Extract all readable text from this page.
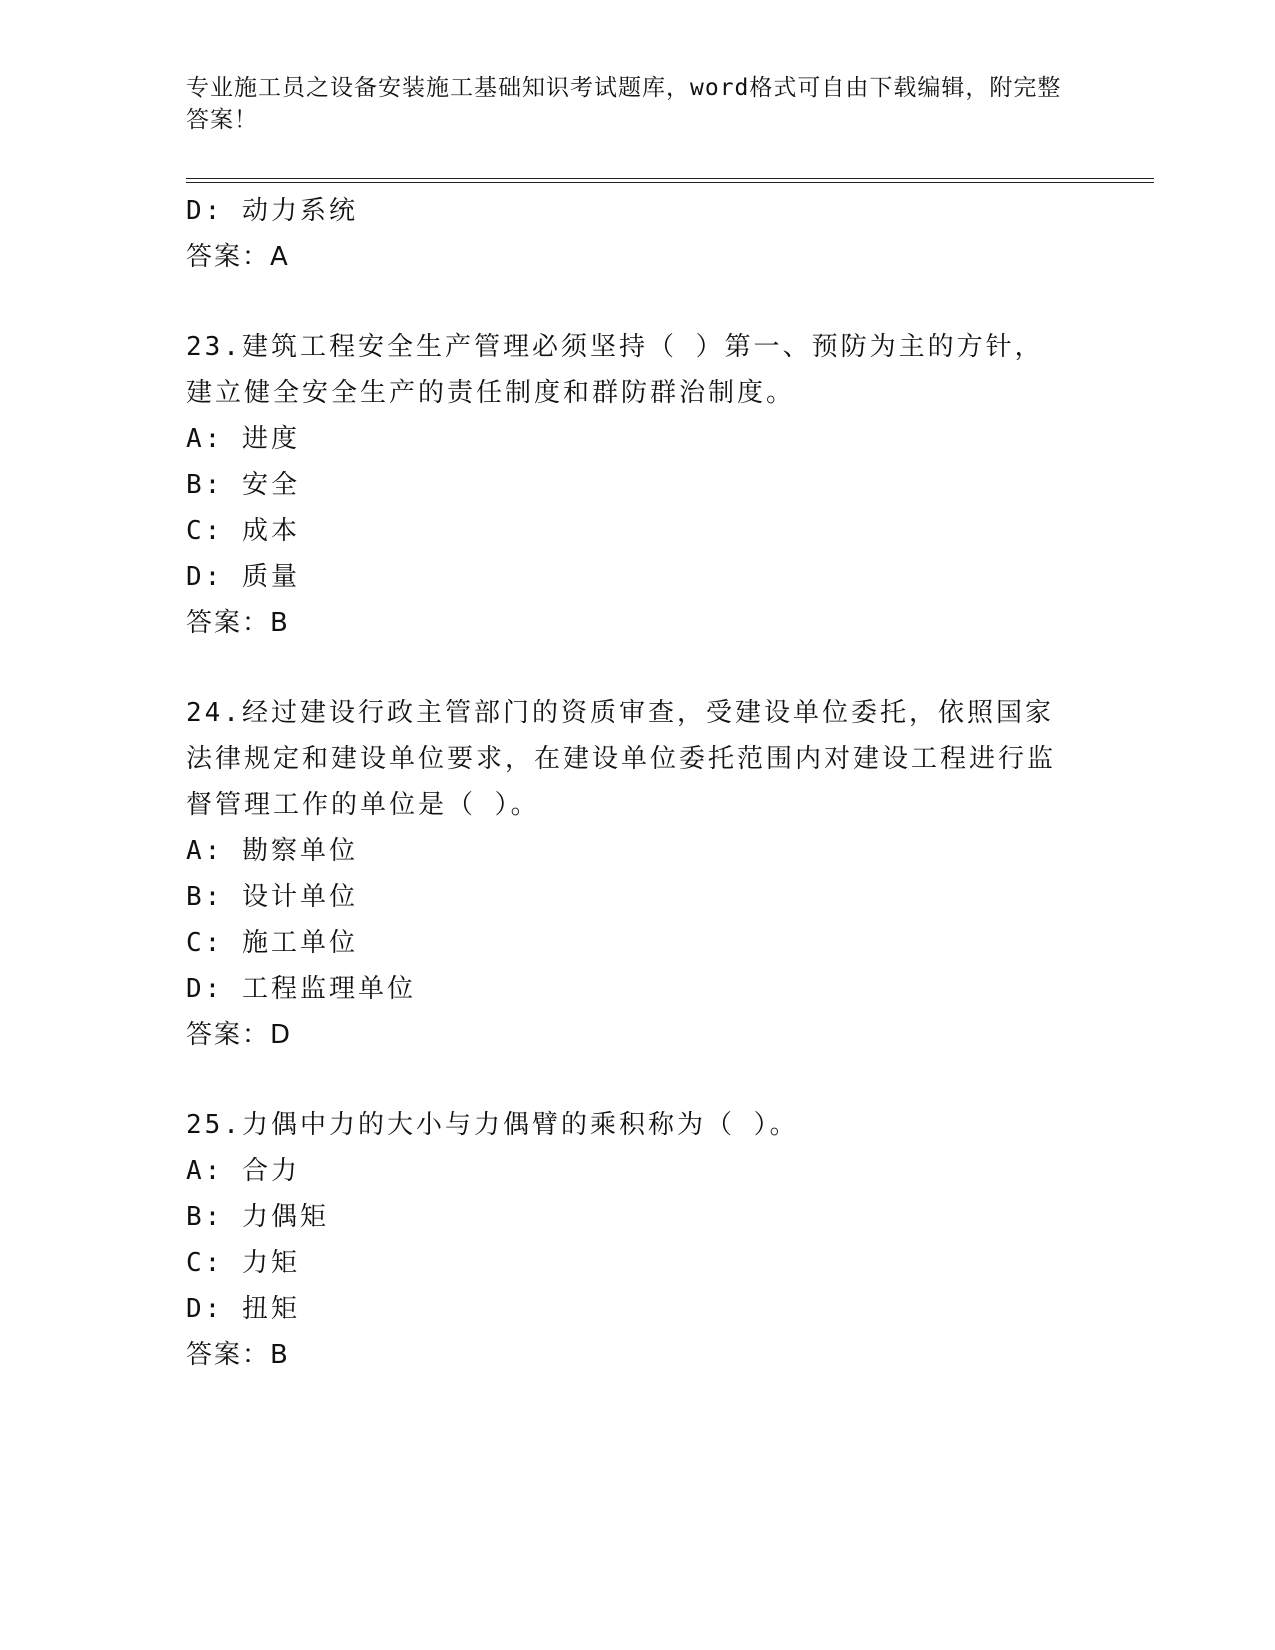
专业施工员之设备安装施工基础知识考试题库，word格式可自由下载编辑，附完整答案！
D: 动力系统
答案：A
23.建筑工程安全生产管理必须坚持（ ）第一、预防为主的方针，建立健全安全生产的责任制度和群防群治制度。
A: 进度
B: 安全
C: 成本
D: 质量
答案：B
24.经过建设行政主管部门的资质审查，受建设单位委托，依照国家法律规定和建设单位要求，在建设单位委托范围内对建设工程进行监督管理工作的单位是（ ）。
A: 勘察单位
B: 设计单位
C: 施工单位
D: 工程监理单位
答案：D
25.力偶中力的大小与力偶臂的乘积称为（ ）。
A: 合力
B: 力偶矩
C: 力矩
D: 扭矩
答案：B
